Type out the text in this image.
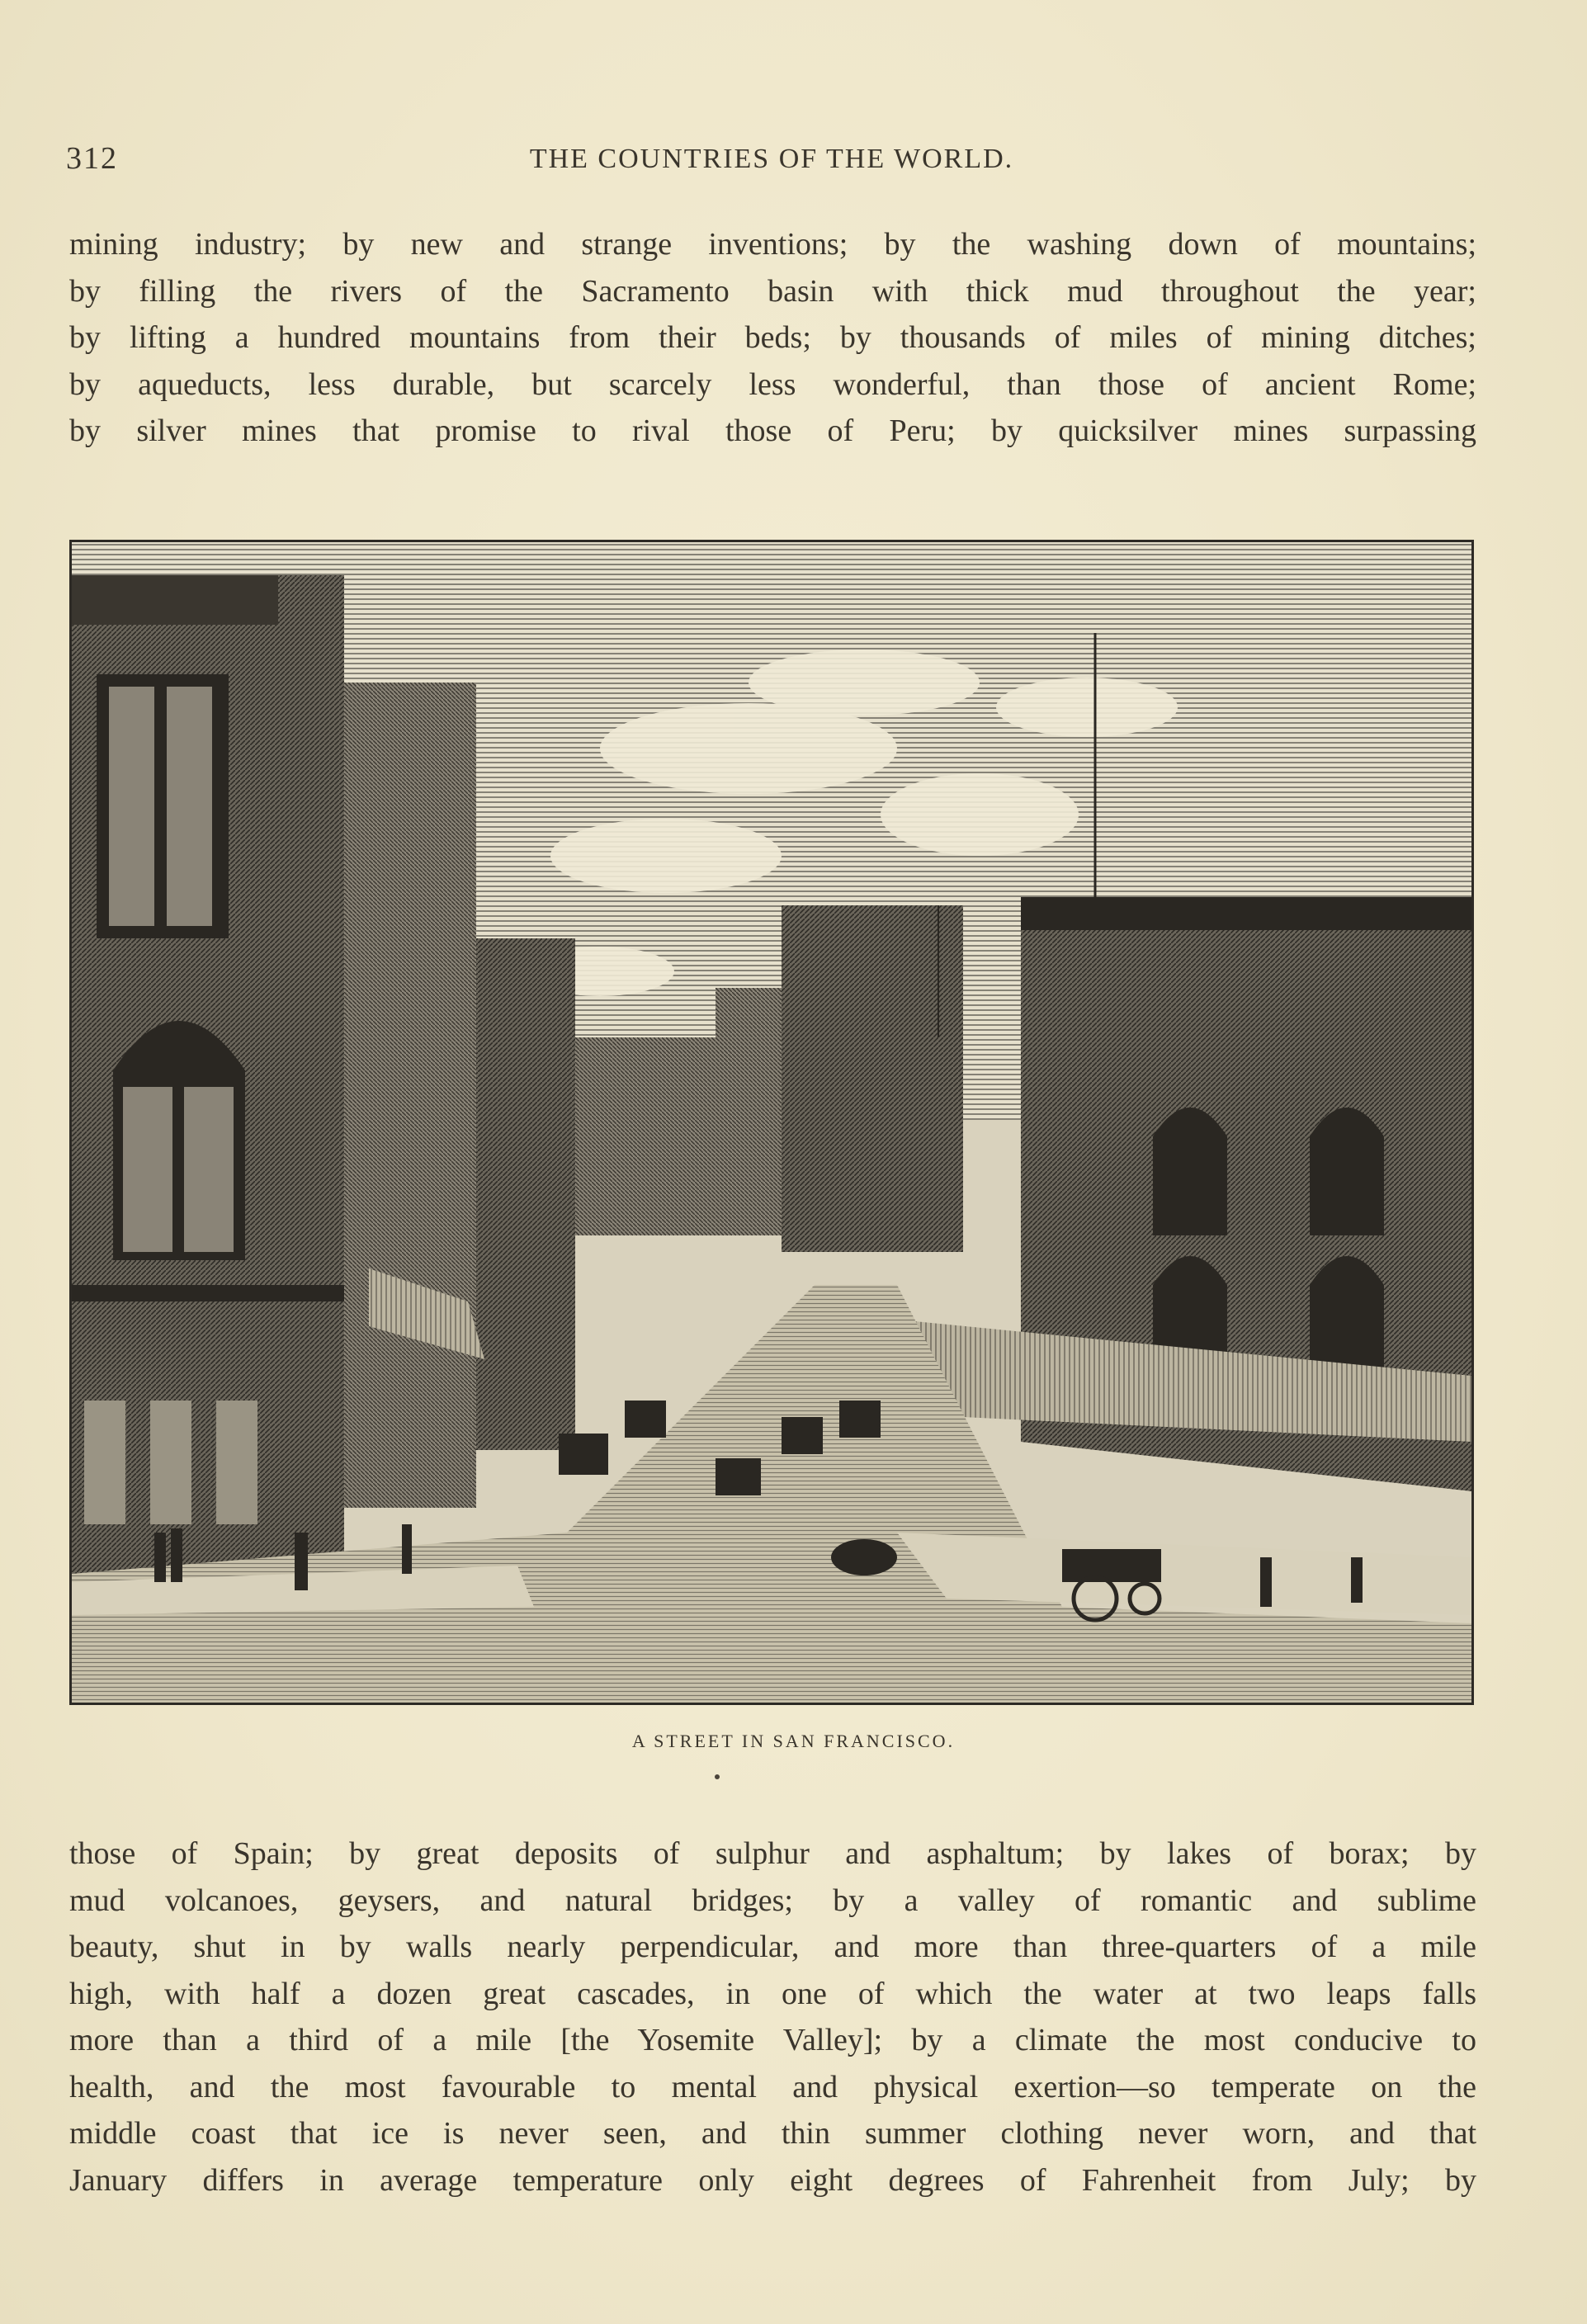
312	THE COUNTRIES OF THE WORLD.

mining industry; by new and strange inventions; by the washing down of mountains;

by filling the rivers of the Sacramento basin with thick mud throughout the year;

by lifting a hundred mountains from their beds; by thousands of miles of mining ditches;

by aqueducts, less durable, but scarcely less wonderful, than those of ancient Rome;

by silver mines that promise to rival those of Peru; by quicksilver mines surpassing

A STREET IN SAN FRANCISCO.

those of Spain; by great deposits of sulphur and asphaltum; by lakes of borax; by

mud volcanoes, geysers, and natural bridges; by a valley of romantic and sublime

beauty, shut in by walls nearly perpendicular, and more than three-quarters of a mile

high, with half a dozen great cascades, in one of which the water at two leaps falls

more than a third of a mile [the Yosemite Valley]; by a climate the most conducive to

health, and the most favourable to mental and physical exertion—so temperate on the

middle coast that ice is never seen, and thin summer clothing never worn, and that

January differs in average temperature only eight degrees of Fahrenheit from July; by
